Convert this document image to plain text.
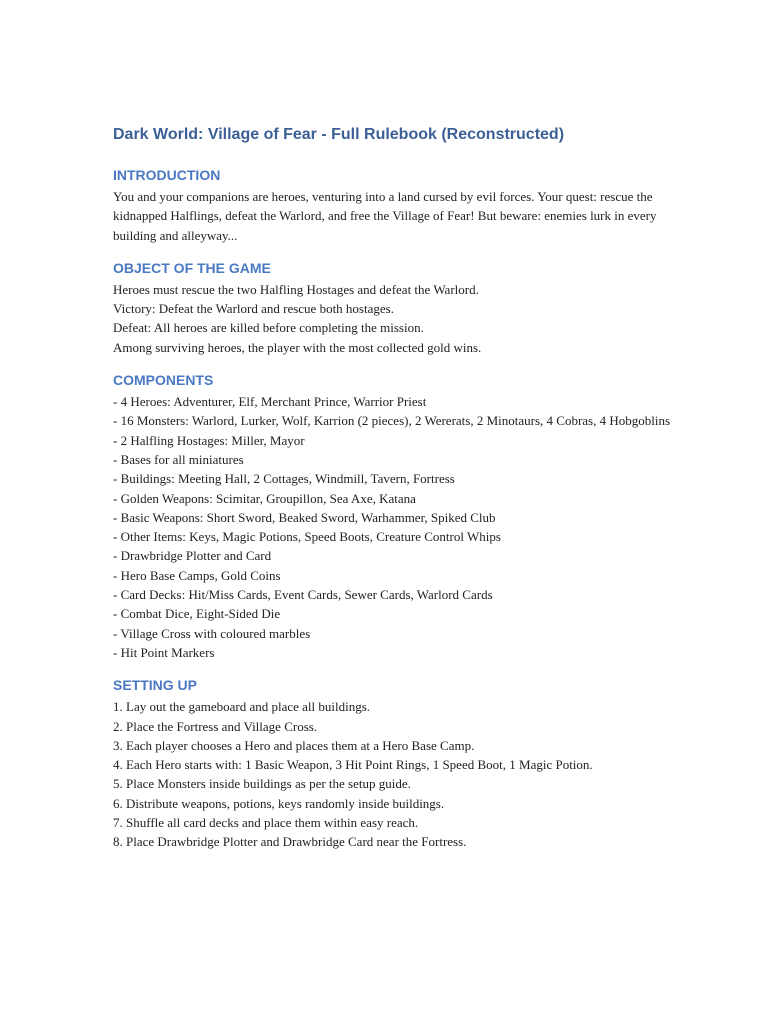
Dark World: Village of Fear - Full Rulebook (Reconstructed)
INTRODUCTION

You and your companions are heroes, venturing into a land cursed by evil forces. Your quest: rescue the kidnapped Halflings, defeat the Warlord, and free the Village of Fear! But beware: enemies lurk in every building and alleyway...

OBJECT OF THE GAME

Heroes must rescue the two Halfling Hostages and defeat the Warlord.

Victory: Defeat the Warlord and rescue both hostages.

Defeat: All heroes are killed before completing the mission.

Among surviving heroes, the player with the most collected gold wins.

COMPONENTS

- 4 Heroes: Adventurer, Elf, Merchant Prince, Warrior Priest

- 16 Monsters: Warlord, Lurker, Wolf, Karrion (2 pieces), 2 Wererats, 2 Minotaurs, 4 Cobras, 4 Hobgoblins

- 2 Halfling Hostages: Miller, Mayor

- Bases for all miniatures

- Buildings: Meeting Hall, 2 Cottages, Windmill, Tavern, Fortress

- Golden Weapons: Scimitar, Groupillon, Sea Axe, Katana

- Basic Weapons: Short Sword, Beaked Sword, Warhammer, Spiked Club

- Other Items: Keys, Magic Potions, Speed Boots, Creature Control Whips

- Drawbridge Plotter and Card

- Hero Base Camps, Gold Coins

- Card Decks: Hit/Miss Cards, Event Cards, Sewer Cards, Warlord Cards

- Combat Dice, Eight-Sided Die

- Village Cross with coloured marbles

- Hit Point Markers

SETTING UP

1. Lay out the gameboard and place all buildings.

2. Place the Fortress and Village Cross.

3. Each player chooses a Hero and places them at a Hero Base Camp.

4. Each Hero starts with: 1 Basic Weapon, 3 Hit Point Rings, 1 Speed Boot, 1 Magic Potion.

5. Place Monsters inside buildings as per the setup guide.

6. Distribute weapons, potions, keys randomly inside buildings.

7. Shuffle all card decks and place them within easy reach.

8. Place Drawbridge Plotter and Drawbridge Card near the Fortress.
